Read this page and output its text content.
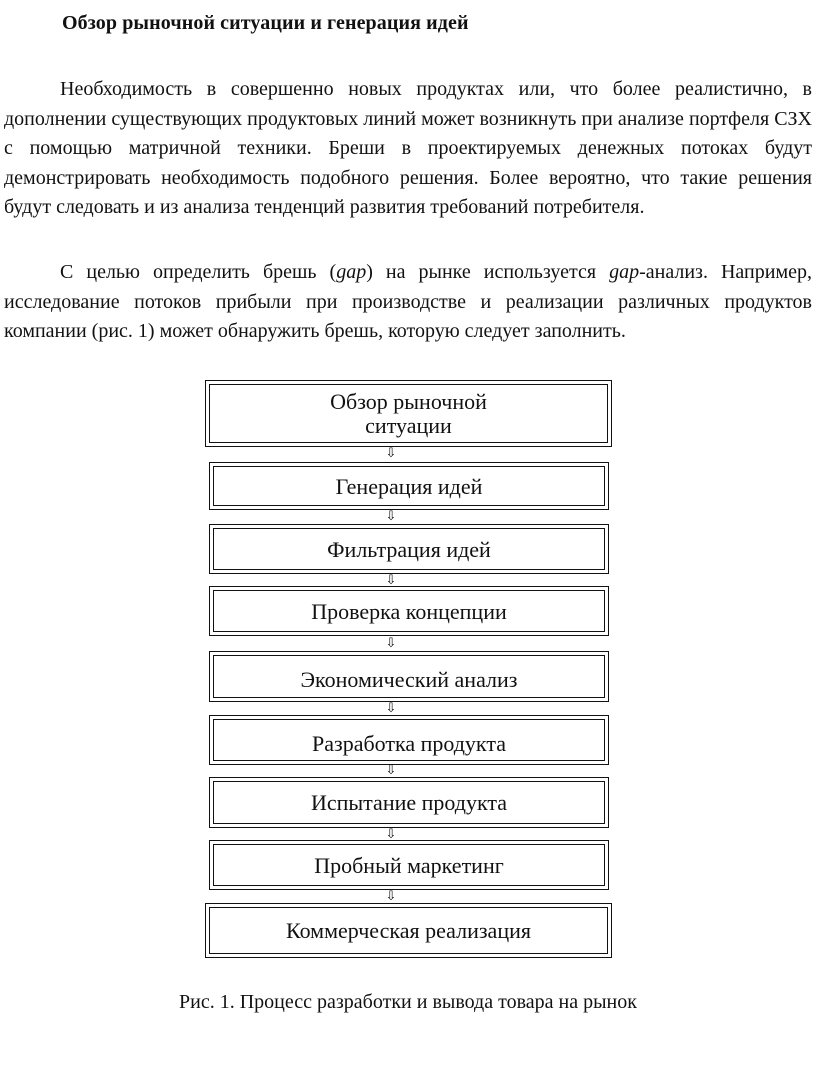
Обзор рыночной ситуации и генерация идей

Необходимость в совершенно новых продуктах или, что более реалистично, в дополнении существующих продуктовых линий может возникнуть при анализе портфеля СЗХ с помощью матричной техники. Бреши в проектируемых денежных потоках будут демонстрировать необходимость подобного решения. Более вероятно, что такие решения будут следовать и из анализа тенденций развития требований потребителя.

С целью определить брешь (gap) на рынке используется gap-анализ. Например, исследование потоков прибыли при производстве и реализации различных продуктов компании (рис. 1) может обнаружить брешь, которую следует заполнить.

Обзор рыночной ситуации
⇩
Генерация идей
⇩
Фильтрация идей
⇩
Проверка концепции
⇩
Экономический анализ
⇩
Разработка продукта
⇩
Испытание продукта
⇩
Пробный маркетинг
⇩
Коммерческая реализация
Рис. 1. Процесс разработки и вывода товара на рынок
